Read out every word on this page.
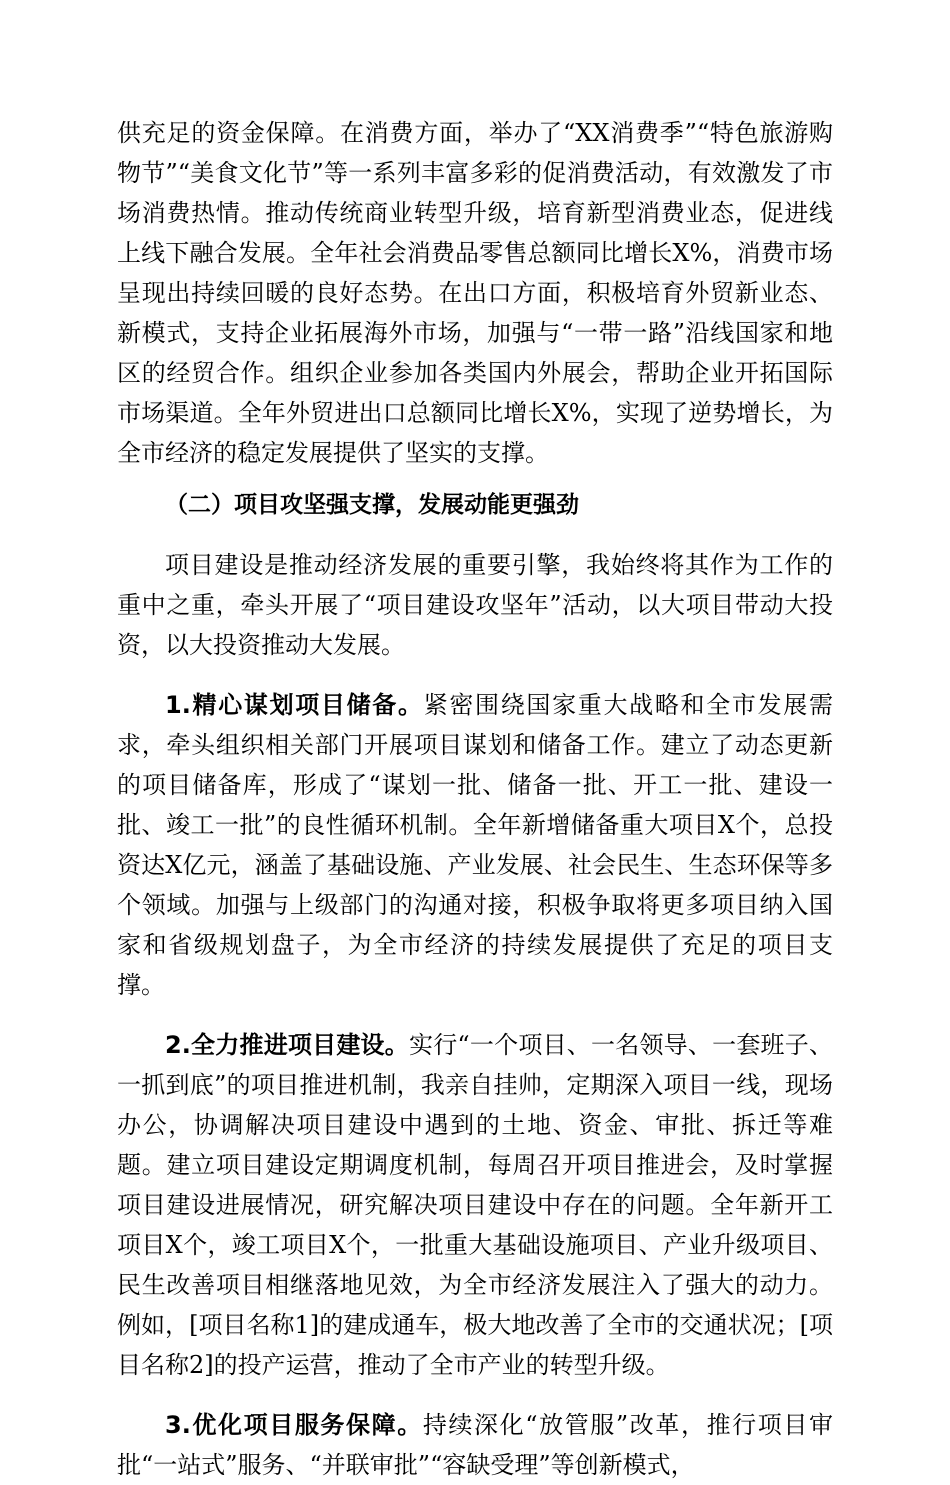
供充足的资金保障。在消费方面，举办了“XX消费季”“特色旅游购物节”“美食文化节”等一系列丰富多彩的促消费活动，有效激发了市场消费热情。推动传统商业转型升级，培育新型消费业态，促进线上线下融合发展。全年社会消费品零售总额同比增长X%，消费市场呈现出持续回暖的良好态势。在出口方面，积极培育外贸新业态、新模式，支持企业拓展海外市场，加强与“一带一路”沿线国家和地区的经贸合作。组织企业参加各类国内外展会，帮助企业开拓国际市场渠道。全年外贸进出口总额同比增长X%，实现了逆势增长，为全市经济的稳定发展提供了坚实的支撑。

（二）项目攻坚强支撑，发展动能更强劲

项目建设是推动经济发展的重要引擎，我始终将其作为工作的重中之重，牵头开展了“项目建设攻坚年”活动，以大项目带动大投资，以大投资推动大发展。

1.精心谋划项目储备。紧密围绕国家重大战略和全市发展需求，牵头组织相关部门开展项目谋划和储备工作。建立了动态更新的项目储备库，形成了“谋划一批、储备一批、开工一批、建设一批、竣工一批”的良性循环机制。全年新增储备重大项目X个，总投资达X亿元，涵盖了基础设施、产业发展、社会民生、生态环保等多个领域。加强与上级部门的沟通对接，积极争取将更多项目纳入国家和省级规划盘子，为全市经济的持续发展提供了充足的项目支撑。

2.全力推进项目建设。实行“一个项目、一名领导、一套班子、一抓到底”的项目推进机制，我亲自挂帅，定期深入项目一线，现场办公，协调解决项目建设中遇到的土地、资金、审批、拆迁等难题。建立项目建设定期调度机制，每周召开项目推进会，及时掌握项目建设进展情况，研究解决项目建设中存在的问题。全年新开工项目X个，竣工项目X个，一批重大基础设施项目、产业升级项目、民生改善项目相继落地见效，为全市经济发展注入了强大的动力。例如，[项目名称1]的建成通车，极大地改善了全市的交通状况；[项目名称2]的投产运营，推动了全市产业的转型升级。

3.优化项目服务保障。持续深化“放管服”改革，推行项目审批“一站式”服务、“并联审批”“容缺受理”等创新模式，
